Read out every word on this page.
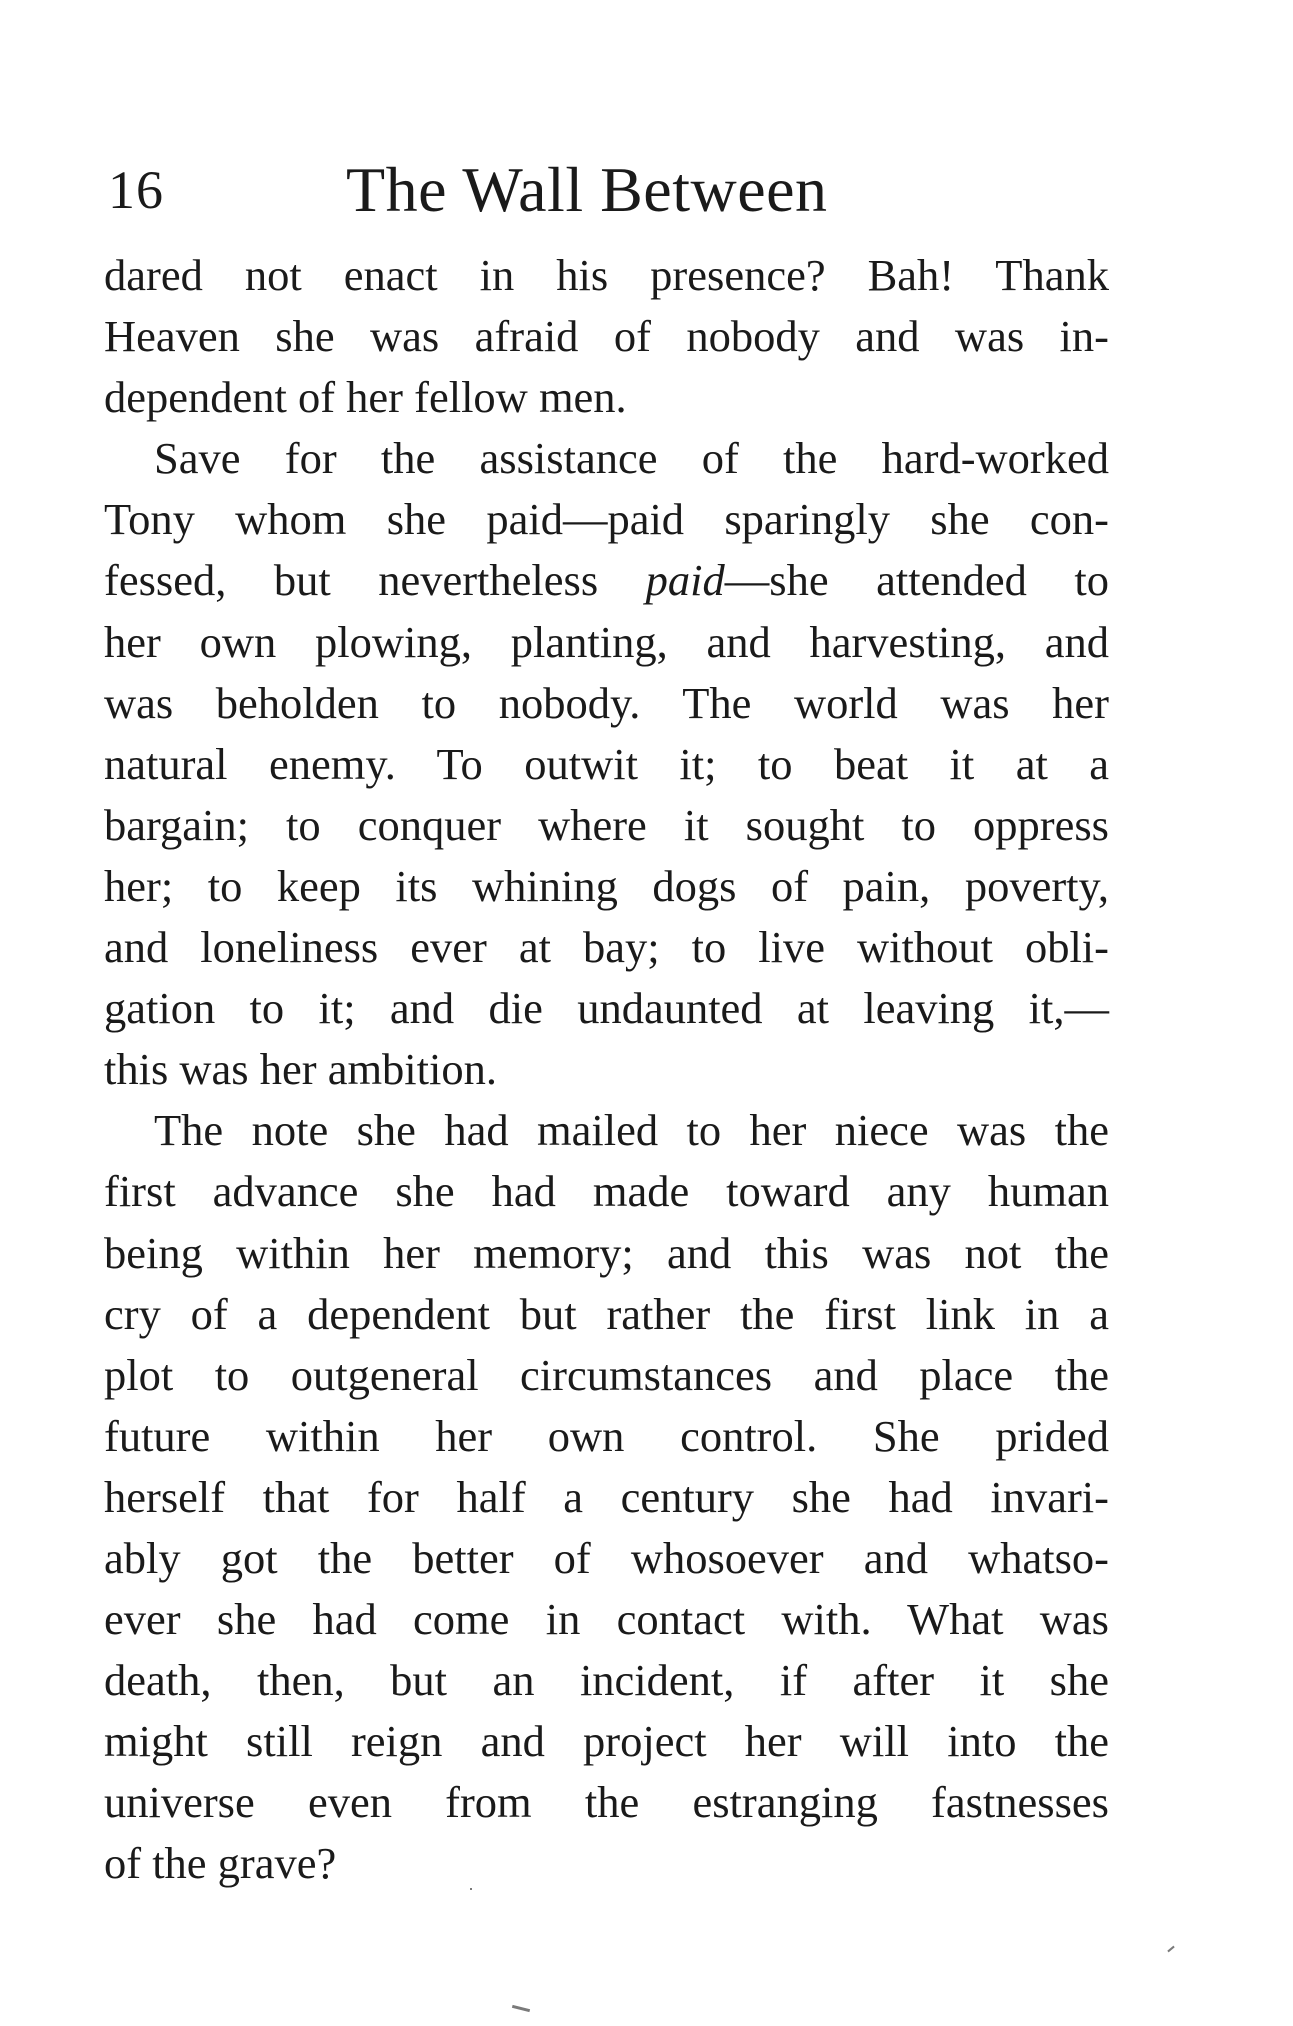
16	The Wall Between
dared not enact in his presence? Bah! Thank
Heaven she was afraid of nobody and was in-
dependent of her fellow men.
Save for the assistance of the hard-worked
Tony whom she paid—paid sparingly she con-
fessed, but nevertheless paid—she attended to
her own plowing, planting, and harvesting, and
was beholden to nobody. The world was her
natural enemy. To outwit it; to beat it at a
bargain; to conquer where it sought to oppress
her; to keep its whining dogs of pain, poverty,
and loneliness ever at bay; to live without obli-
gation to it; and die undaunted at leaving it,—
this was her ambition.
The note she had mailed to her niece was the
first advance she had made toward any human
being within her memory; and this was not the
cry of a dependent but rather the first link in a
plot to outgeneral circumstances and place the
future within her own control. She prided
herself that for half a century she had invari-
ably got the better of whosoever and whatso-
ever she had come in contact with. What was
death, then, but an incident, if after it she
might still reign and project her will into the
universe even from the estranging fastnesses
of the grave?
